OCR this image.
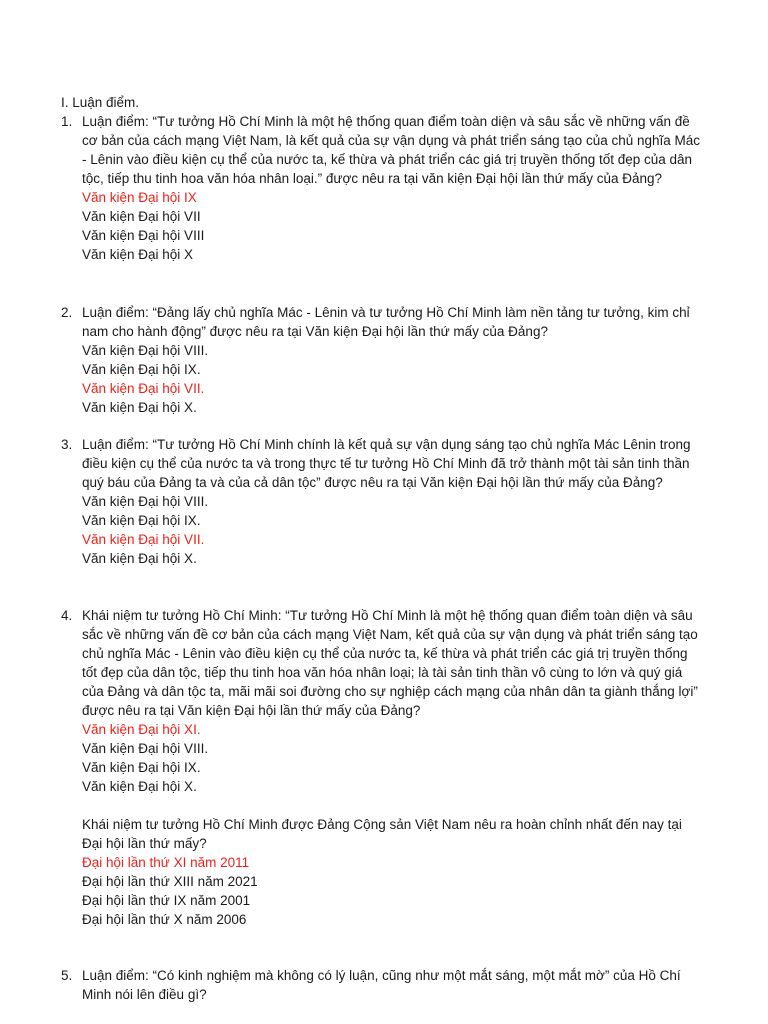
I. Luận điểm.
1. Luận điểm: “Tư tưởng Hồ Chí Minh là một hệ thống quan điểm toàn diện và sâu sắc về những vấn đề cơ bản của cách mạng Việt Nam, là kết quả của sự vận dụng và phát triển sáng tạo của chủ nghĩa Mác - Lênin vào điều kiện cụ thể của nước ta, kế thừa và phát triển các giá trị truyền thống tốt đẹp của dân tộc, tiếp thu tinh hoa văn hóa nhân loại.” được nêu ra tại văn kiện Đại hội lần thứ mấy của Đảng?
Văn kiện Đại hội IX
Văn kiện Đại hội VII
Văn kiện Đại hội VIII
Văn kiện Đại hội X
2. Luận điểm: “Đảng lấy chủ nghĩa Mác - Lênin và tư tưởng Hồ Chí Minh làm nền tảng tư tưởng, kim chỉ nam cho hành động” được nêu ra tại Văn kiện Đại hội lần thứ mấy của Đảng?
Văn kiện Đại hội VIII.
Văn kiện Đại hội IX.
Văn kiện Đại hội VII.
Văn kiện Đại hội X.
3. Luận điểm: “Tư tưởng Hồ Chí Minh chính là kết quả sự vận dụng sáng tạo chủ nghĩa Mác Lênin trong điều kiện cụ thể của nước ta và trong thực tế tư tưởng Hồ Chí Minh đã trở thành một tài sản tinh thần quý báu của Đảng ta và của cả dân tộc” được nêu ra tại Văn kiện Đại hội lần thứ mấy của Đảng?
Văn kiện Đại hội VIII.
Văn kiện Đại hội IX.
Văn kiện Đại hội VII.
Văn kiện Đại hội X.
4. Khái niệm tư tưởng Hồ Chí Minh: “Tư tưởng Hồ Chí Minh là một hệ thống quan điểm toàn diện và sâu sắc về những vấn đề cơ bản của cách mạng Việt Nam, kết quả của sự vận dụng và phát triển sáng tạo chủ nghĩa Mác - Lênin vào điều kiện cụ thể của nước ta, kế thừa và phát triển các giá trị truyền thống tốt đẹp của dân tộc, tiếp thu tinh hoa văn hóa nhân loại; là tài sản tinh thần vô cùng to lớn và quý giá của Đảng và dân tộc ta, mãi mãi soi đường cho sự nghiệp cách mạng của nhân dân ta giành thắng lợi” được nêu ra tại Văn kiện Đại hội lần thứ mấy của Đảng?
Văn kiện Đại hội XI.
Văn kiện Đại hội VIII.
Văn kiện Đại hội IX.
Văn kiện Đại hội X.
Khái niệm tư tưởng Hồ Chí Minh được Đảng Cộng sản Việt Nam nêu ra hoàn chỉnh nhất đến nay tại Đại hội lần thứ mấy?
Đại hội lần thứ XI năm 2011
Đại hội lần thứ XIII năm 2021
Đại hội lần thứ IX năm 2001
Đại hội lần thứ X năm 2006
5. Luận điểm: “Có kinh nghiệm mà không có lý luận, cũng như một mắt sáng, một mắt mờ” của Hồ Chí Minh nói lên điều gì?
